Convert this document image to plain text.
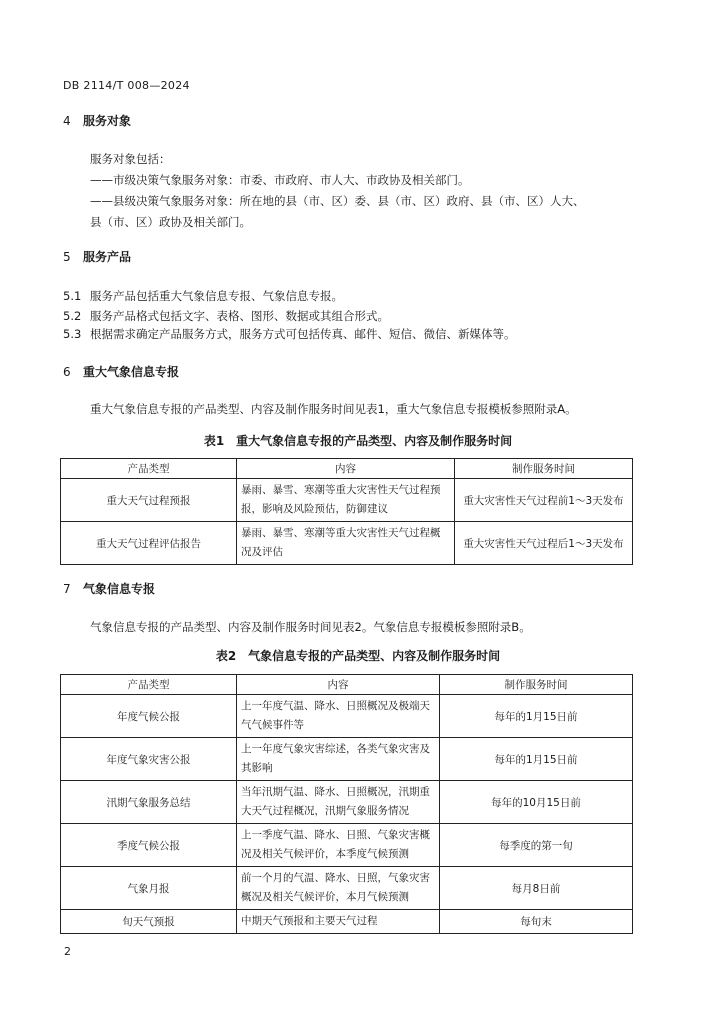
DB 2114/T 008—2024
4 服务对象
服务对象包括：
——市级决策气象服务对象：市委、市政府、市人大、市政协及相关部门。
——县级决策气象服务对象：所在地的县（市、区）委、县（市、区）政府、县（市、区）人大、
县（市、区）政协及相关部门。
5 服务产品
5.1 服务产品包括重大气象信息专报、气象信息专报。
5.2 服务产品格式包括文字、表格、图形、数据或其组合形式。
5.3 根据需求确定产品服务方式，服务方式可包括传真、邮件、短信、微信、新媒体等。
6 重大气象信息专报
重大气象信息专报的产品类型、内容及制作服务时间见表1，重大气象信息专报模板参照附录A。
表1　重大气象信息专报的产品类型、内容及制作服务时间
产品类型	内容	制作服务时间
重大天气过程预报	暴雨、暴雪、寒潮等重大灾害性天气过程预报，影响及风险预估，防御建议	重大灾害性天气过程前1～3天发布
重大天气过程评估报告	暴雨、暴雪、寒潮等重大灾害性天气过程概况及评估	重大灾害性天气过程后1～3天发布
7 气象信息专报
气象信息专报的产品类型、内容及制作服务时间见表2。气象信息专报模板参照附录B。
表2　气象信息专报的产品类型、内容及制作服务时间
产品类型	内容	制作服务时间
年度气候公报	上一年度气温、降水、日照概况及极端天气气候事件等	每年的1月15日前
年度气象灾害公报	上一年度气象灾害综述，各类气象灾害及其影响	每年的1月15日前
汛期气象服务总结	当年汛期气温、降水、日照概况，汛期重大天气过程概况，汛期气象服务情况	每年的10月15日前
季度气候公报	上一季度气温、降水、日照、气象灾害概况及相关气候评价，本季度气候预测	每季度的第一旬
气象月报	前一个月的气温、降水、日照，气象灾害概况及相关气候评价，本月气候预测	每月8日前
旬天气预报	中期天气预报和主要天气过程	每旬末
2
